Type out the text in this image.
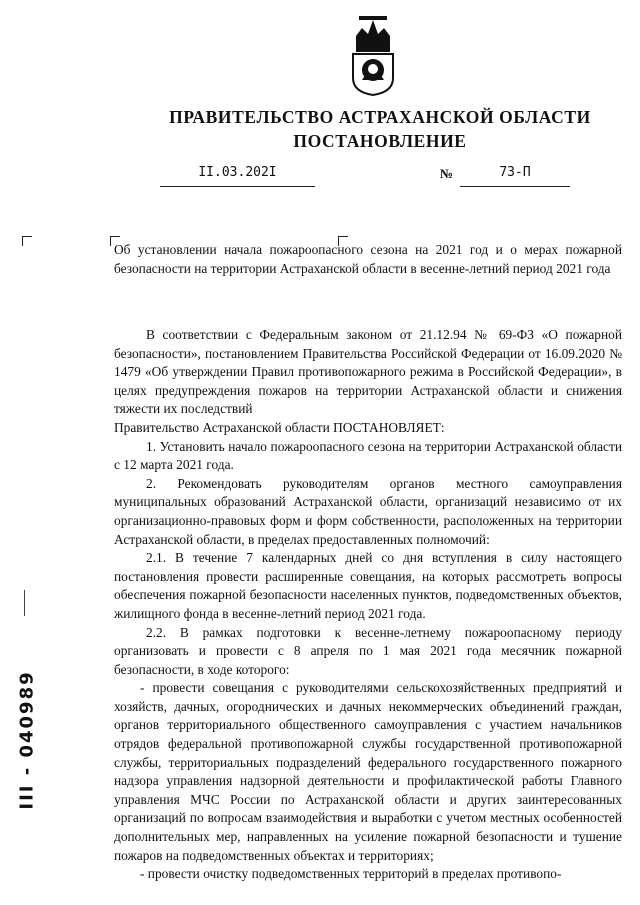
ПРАВИТЕЛЬСТВО АСТРАХАНСКОЙ ОБЛАСТИ
ПОСТАНОВЛЕНИЕ
II.03.202I	№	73-П
Об установлении начала пожароопасного сезона на 2021 год и о мерах пожарной безопасности на территории Астраханской области в весенне-летний период 2021 года

В соответствии с Федеральным законом от 21.12.94 № 69-ФЗ «О пожарной безопасности», постановлением Правительства Российской Федерации от 16.09.2020 № 1479 «Об утверждении Правил противопожарного режима в Российской Федерации», в целях предупреждения пожаров на территории Астраханской области и снижения тяжести их последствий

Правительство Астраханской области ПОСТАНОВЛЯЕТ:

1. Установить начало пожароопасного сезона на территории Астраханской области с 12 марта 2021 года.

2. Рекомендовать руководителям органов местного самоуправления муниципальных образований Астраханской области, организаций независимо от их организационно-правовых форм и форм собственности, расположенных на территории Астраханской области, в пределах предоставленных полномочий:

2.1. В течение 7 календарных дней со дня вступления в силу настоящего постановления провести расширенные совещания, на которых рассмотреть вопросы обеспечения пожарной безопасности населенных пунктов, подведомственных объектов, жилищного фонда в весенне-летний период 2021 года.

2.2. В рамках подготовки к весенне-летнему пожароопасному периоду организовать и провести с 8 апреля по 1 мая 2021 года месячник пожарной безопасности, в ходе которого:

- провести совещания с руководителями сельскохозяйственных предприятий и хозяйств, дачных, огороднических и дачных некоммерческих объединений граждан, органов территориального общественного самоуправления с участием начальников отрядов федеральной противопожарной службы государственной противопожарной службы, территориальных подразделений федерального государственного пожарного надзора управления надзорной деятельности и профилактической работы Главного управления МЧС России по Астраханской области и других заинтересованных организаций по вопросам взаимодействия и выработки с учетом местных особенностей дополнительных мер, направленных на усиление пожарной безопасности и тушение пожаров на подведомственных объектах и территориях;

- провести очистку подведомственных территорий в пределах противопо-

III - 040989
